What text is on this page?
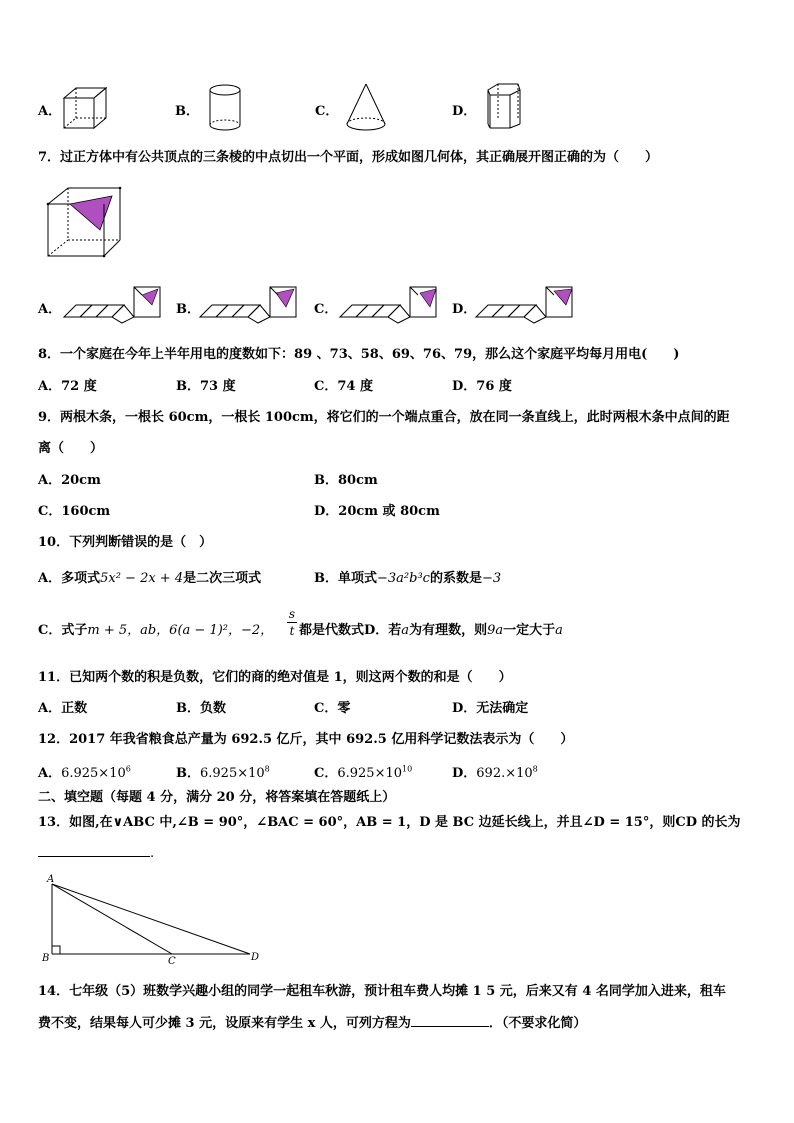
A．	B．	C．	D．
7．过正方体中有公共顶点的三条棱的中点切出一个平面，形成如图几何体，其正确展开图正确的为（　　）
A．	B．	C．	D．
8．一个家庭在今年上半年用电的度数如下：89 、73、58、69、76、79，那么这个家庭平均每月用电(　　)
A．72 度	B．73 度	C．74 度	D．76 度
9．两根木条，一根长 60cm，一根长 100cm，将它们的一个端点重合，放在同一条直线上，此时两根木条中点间的距
离（　　）
A．20cm	B．80cm
C．160cm	D．20cm 或 80cm
10．下列判断错误的是（　）
A．多项式5x² − 2x + 4是二次三项式	B．单项式−3a²b³c的系数是−3
C．式子m + 5，ab，6(a − 1)²，−2，
s
t 都是代数式D．若a为有理数，则9a一定大于a
11．已知两个数的积是负数，它们的商的绝对值是 1，则这两个数的和是（　　）
A．正数	B．负数	C．零	D．无法确定
12．2017 年我省粮食总产量为 692.5 亿斤，其中 692.5 亿用科学记数法表示为（　　）
A．$6.925\times 10^6$	B．$6.925\times 10^8$	C．$6.925\times 10^{10}$	D．$692.\times 10^8$
二、填空题（每题 4 分，满分 20 分，将答案填在答题纸上）
13．如图,在∨ABC 中,∠B = 90°，∠BAC = 60°，AB = 1，D 是 BC 边延长线上，并且∠D = 15°，则CD 的长为
.
A
B	C	D
14．七年级（5）班数学兴趣小组的同学一起租车秋游，预计租车费人均摊 1 5 元，后来又有 4 名同学加入进来，租车
费不变，结果每人可少摊 3 元，设原来有学生 x 人，可列方程为	．（不要求化简）
